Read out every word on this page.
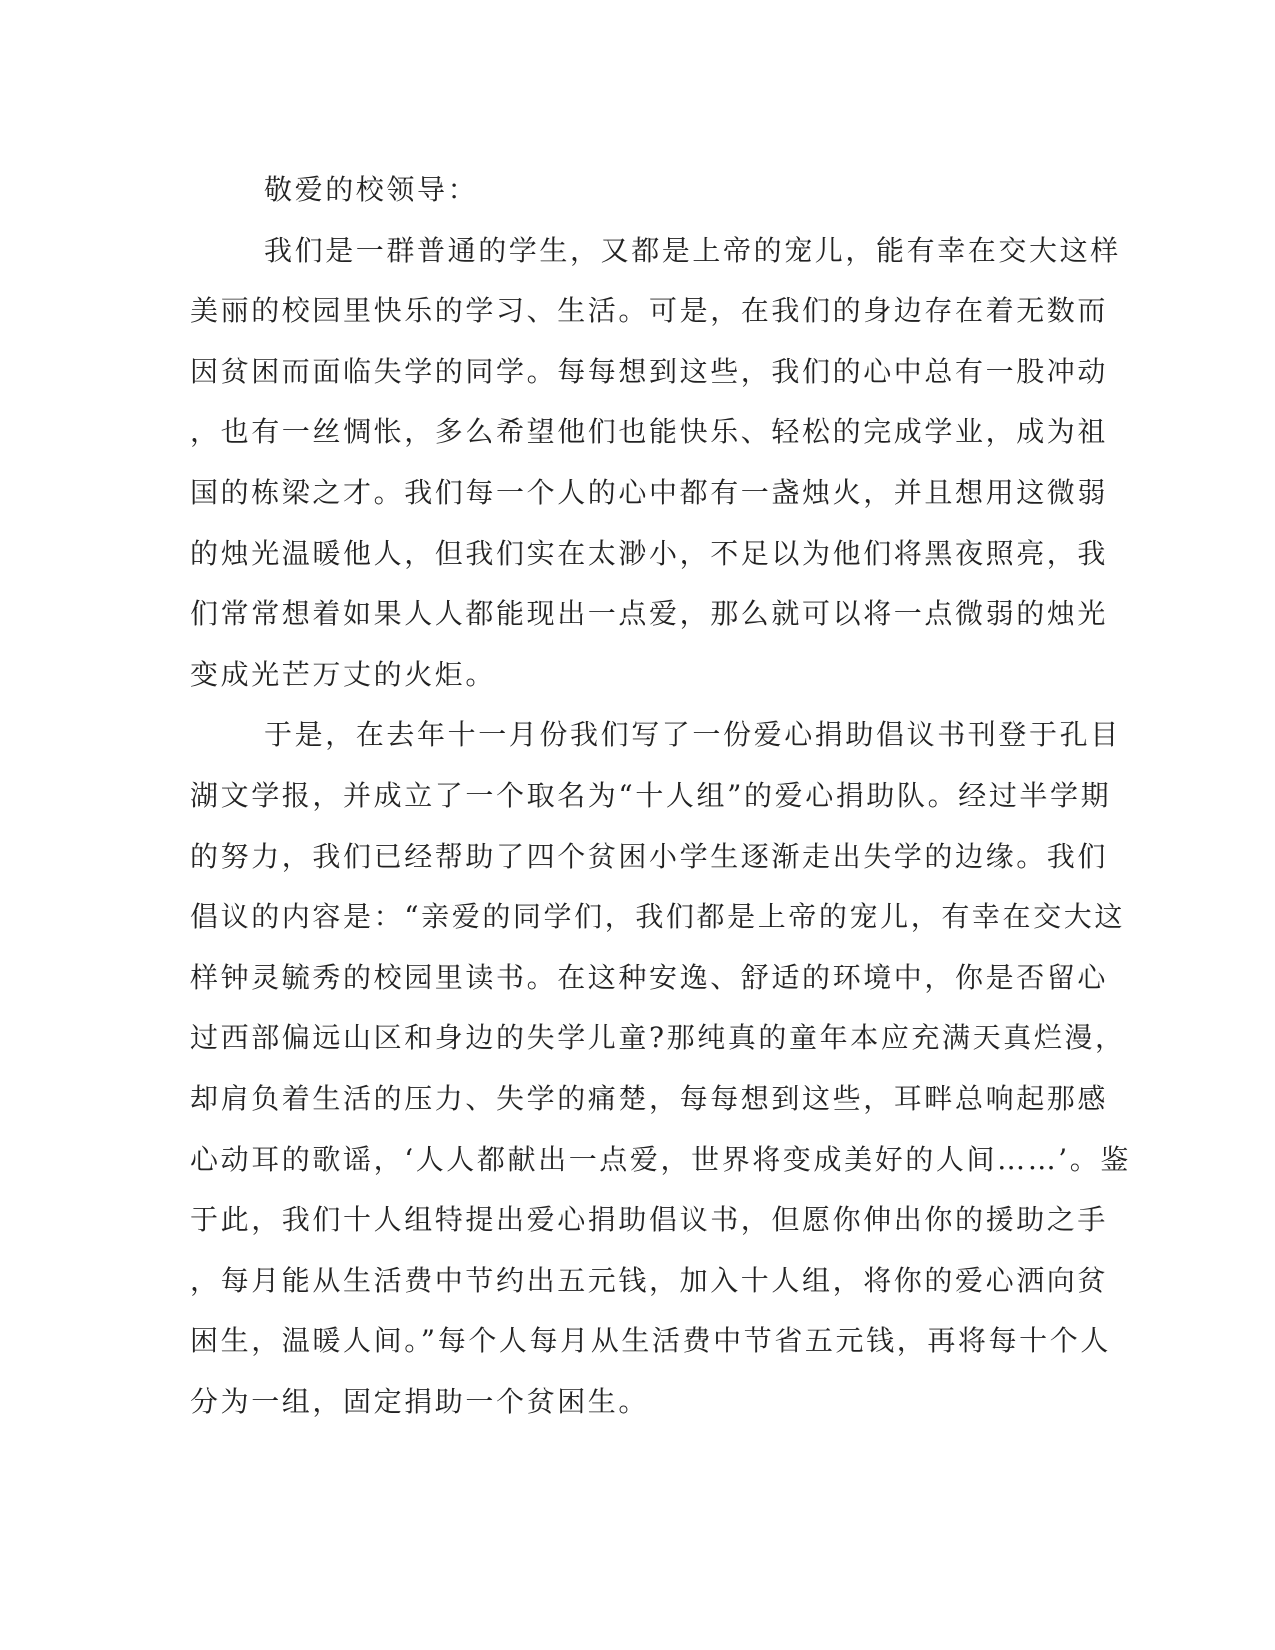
敬爱的校领导：
我们是一群普通的学生，又都是上帝的宠儿，能有幸在交大这样
美丽的校园里快乐的学习、生活。可是，在我们的身边存在着无数而
因贫困而面临失学的同学。每每想到这些，我们的心中总有一股冲动
，也有一丝惆怅，多么希望他们也能快乐、轻松的完成学业，成为祖
国的栋梁之才。我们每一个人的心中都有一盏烛火，并且想用这微弱
的烛光温暖他人，但我们实在太渺小，不足以为他们将黑夜照亮，我
们常常想着如果人人都能现出一点爱，那么就可以将一点微弱的烛光
变成光芒万丈的火炬。
于是，在去年十一月份我们写了一份爱心捐助倡议书刊登于孔目
湖文学报，并成立了一个取名为“十人组”的爱心捐助队。经过半学期
的努力，我们已经帮助了四个贫困小学生逐渐走出失学的边缘。我们
倡议的内容是：“亲爱的同学们，我们都是上帝的宠儿，有幸在交大这
样钟灵毓秀的校园里读书。在这种安逸、舒适的环境中，你是否留心
过西部偏远山区和身边的失学儿童?那纯真的童年本应充满天真烂漫，
却肩负着生活的压力、失学的痛楚，每每想到这些，耳畔总响起那感
心动耳的歌谣，‘人人都献出一点爱，世界将变成美好的人间……’。鉴
于此，我们十人组特提出爱心捐助倡议书，但愿你伸出你的援助之手
，每月能从生活费中节约出五元钱，加入十人组，将你的爱心洒向贫
困生，温暖人间。”每个人每月从生活费中节省五元钱，再将每十个人
分为一组，固定捐助一个贫困生。
